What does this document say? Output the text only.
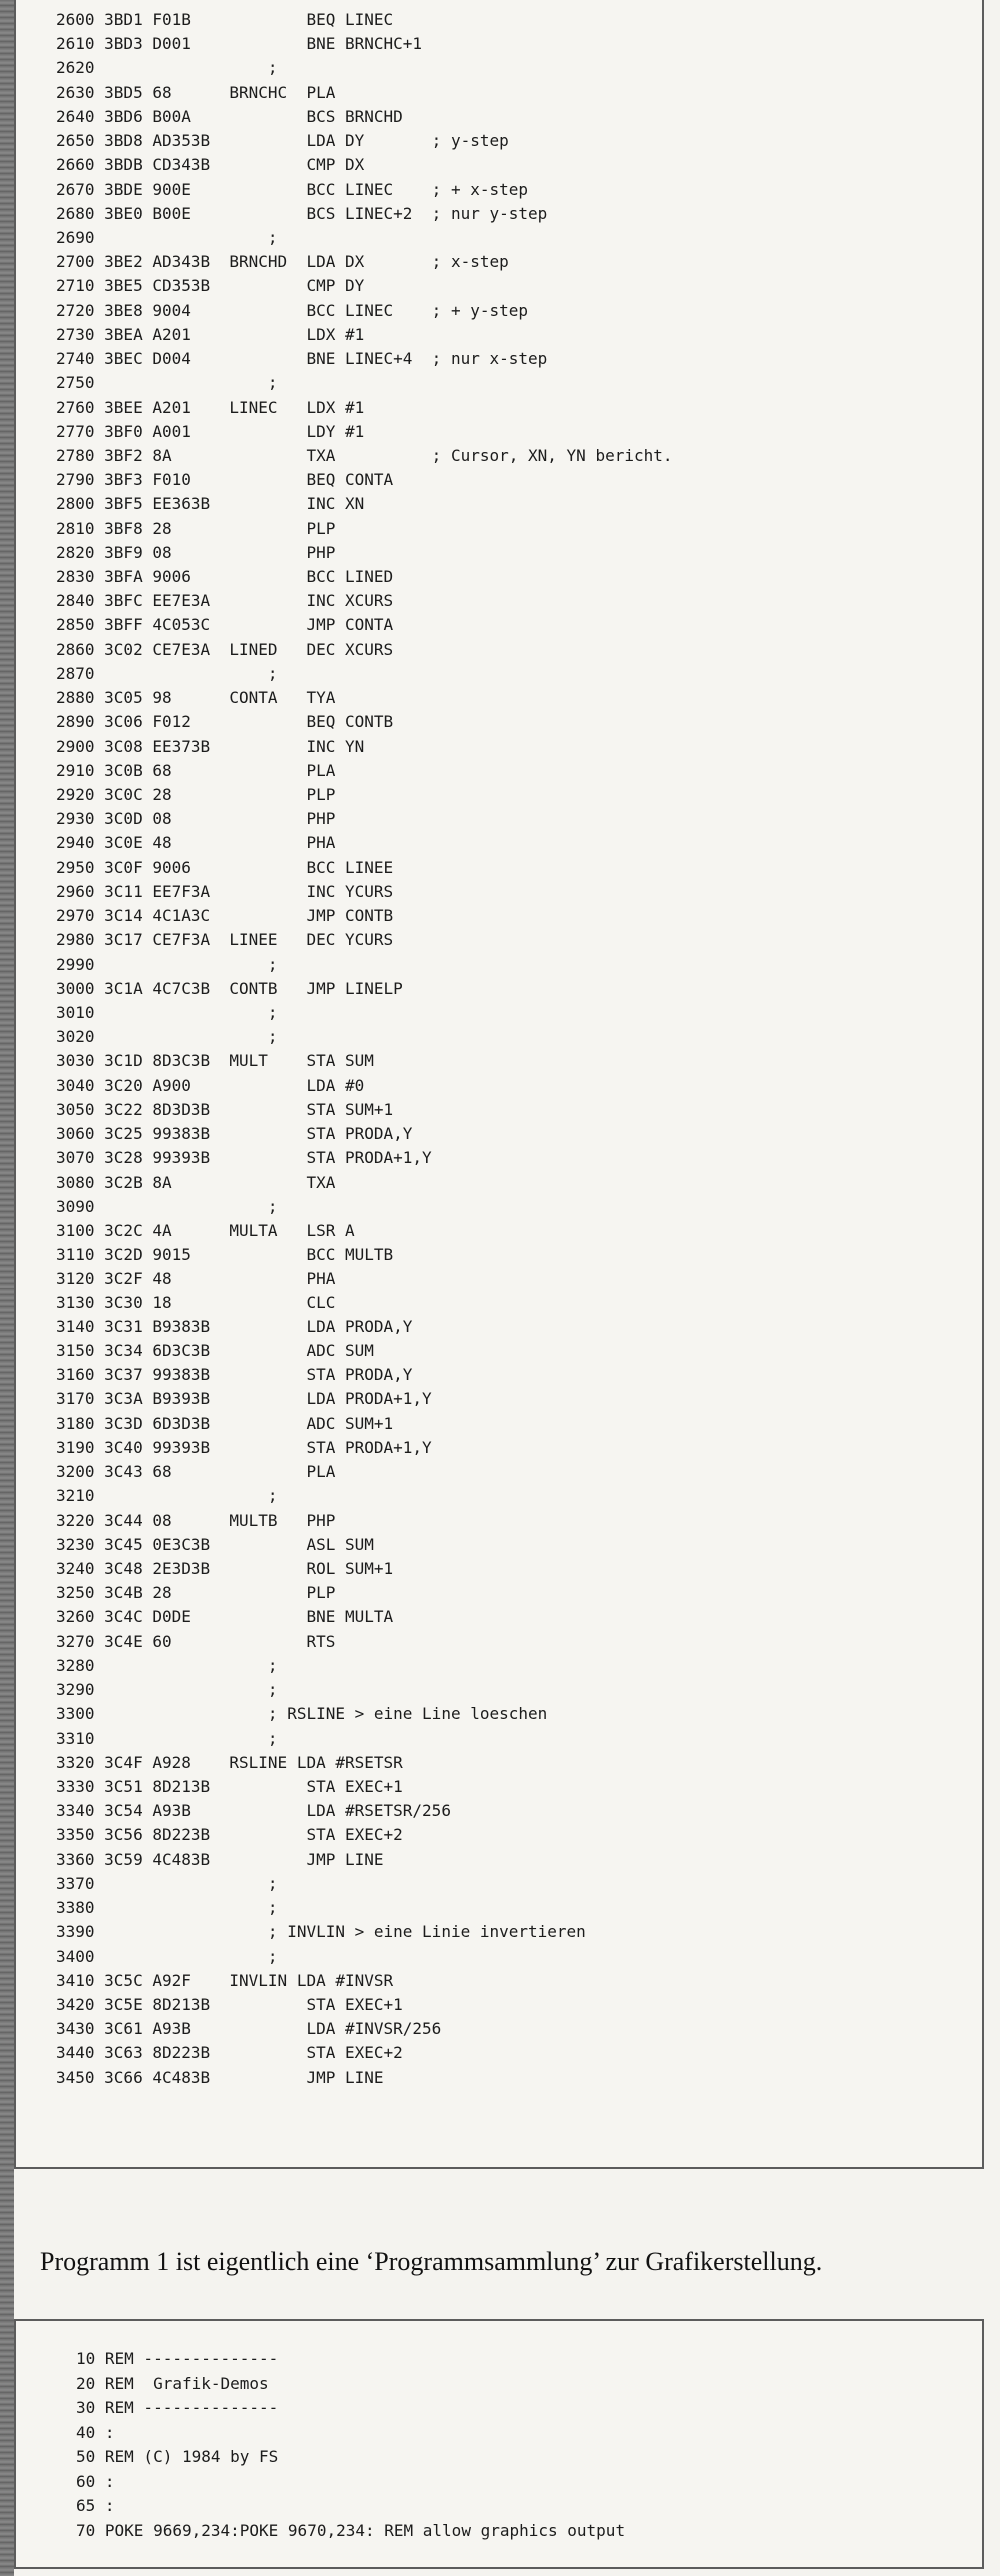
2600 3BD1 F01B            BEQ LINEC
2610 3BD3 D001            BNE BRNCHC+1
2620                  ;
2630 3BD5 68      BRNCHC  PLA
2640 3BD6 B00A            BCS BRNCHD
2650 3BD8 AD353B          LDA DY       ; y-step
2660 3BDB CD343B          CMP DX
2670 3BDE 900E            BCC LINEC    ; + x-step
2680 3BE0 B00E            BCS LINEC+2  ; nur y-step
2690                  ;
2700 3BE2 AD343B  BRNCHD  LDA DX       ; x-step
2710 3BE5 CD353B          CMP DY
2720 3BE8 9004            BCC LINEC    ; + y-step
2730 3BEA A201            LDX #1
2740 3BEC D004            BNE LINEC+4  ; nur x-step
2750                  ;
2760 3BEE A201    LINEC   LDX #1
2770 3BF0 A001            LDY #1
2780 3BF2 8A              TXA          ; Cursor, XN, YN bericht.
2790 3BF3 F010            BEQ CONTA
2800 3BF5 EE363B          INC XN
2810 3BF8 28              PLP
2820 3BF9 08              PHP
2830 3BFA 9006            BCC LINED
2840 3BFC EE7E3A          INC XCURS
2850 3BFF 4C053C          JMP CONTA
2860 3C02 CE7E3A  LINED   DEC XCURS
2870                  ;
2880 3C05 98      CONTA   TYA
2890 3C06 F012            BEQ CONTB
2900 3C08 EE373B          INC YN
2910 3C0B 68              PLA
2920 3C0C 28              PLP
2930 3C0D 08              PHP
2940 3C0E 48              PHA
2950 3C0F 9006            BCC LINEE
2960 3C11 EE7F3A          INC YCURS
2970 3C14 4C1A3C          JMP CONTB
2980 3C17 CE7F3A  LINEE   DEC YCURS
2990                  ;
3000 3C1A 4C7C3B  CONTB   JMP LINELP
3010                  ;
3020                  ;
3030 3C1D 8D3C3B  MULT    STA SUM
3040 3C20 A900            LDA #0
3050 3C22 8D3D3B          STA SUM+1
3060 3C25 99383B          STA PRODA,Y
3070 3C28 99393B          STA PRODA+1,Y
3080 3C2B 8A              TXA
3090                  ;
3100 3C2C 4A      MULTA   LSR A
3110 3C2D 9015            BCC MULTB
3120 3C2F 48              PHA
3130 3C30 18              CLC
3140 3C31 B9383B          LDA PRODA,Y
3150 3C34 6D3C3B          ADC SUM
3160 3C37 99383B          STA PRODA,Y
3170 3C3A B9393B          LDA PRODA+1,Y
3180 3C3D 6D3D3B          ADC SUM+1
3190 3C40 99393B          STA PRODA+1,Y
3200 3C43 68              PLA
3210                  ;
3220 3C44 08      MULTB   PHP
3230 3C45 0E3C3B          ASL SUM
3240 3C48 2E3D3B          ROL SUM+1
3250 3C4B 28              PLP
3260 3C4C D0DE            BNE MULTA
3270 3C4E 60              RTS
3280                  ;
3290                  ;
3300                  ; RSLINE > eine Line loeschen
3310                  ;
3320 3C4F A928    RSLINE LDA #RSETSR
3330 3C51 8D213B          STA EXEC+1
3340 3C54 A93B            LDA #RSETSR/256
3350 3C56 8D223B          STA EXEC+2
3360 3C59 4C483B          JMP LINE
3370                  ;
3380                  ;
3390                  ; INVLIN > eine Linie invertieren
3400                  ;
3410 3C5C A92F    INVLIN LDA #INVSR
3420 3C5E 8D213B          STA EXEC+1
3430 3C61 A93B            LDA #INVSR/256
3440 3C63 8D223B          STA EXEC+2
3450 3C66 4C483B          JMP LINE

Programm 1 ist eigentlich eine ‘Programmsammlung’ zur Grafikerstellung.

10 REM --------------
20 REM  Grafik-Demos
30 REM --------------
40 :
50 REM (C) 1984 by FS
60 :
65 :
70 POKE 9669,234:POKE 9670,234: REM allow graphics output
